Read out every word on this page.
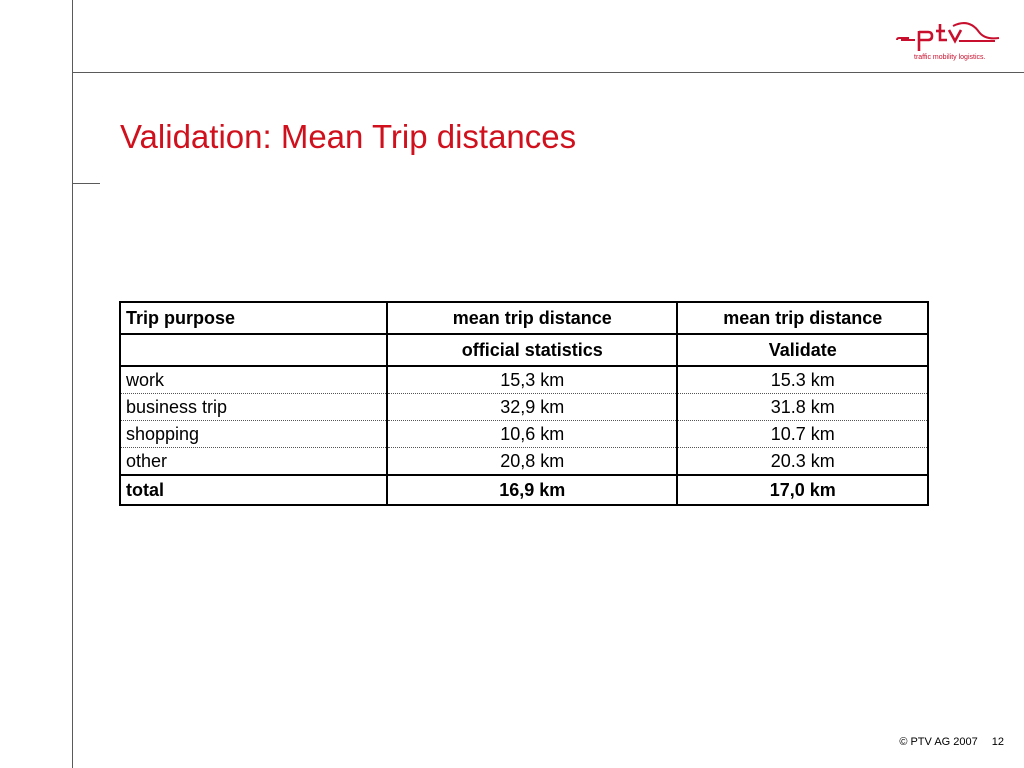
traffic mobility logistics.
Validation: Mean Trip distances
Trip purpose	mean trip distance	mean trip distance
	official statistics	Validate
work	15,3 km	15.3 km
business trip	32,9 km	31.8 km
shopping	10,6 km	10.7 km
other	20,8 km	20.3 km
total	16,9 km	17,0 km
© PTV AG 2007 12
